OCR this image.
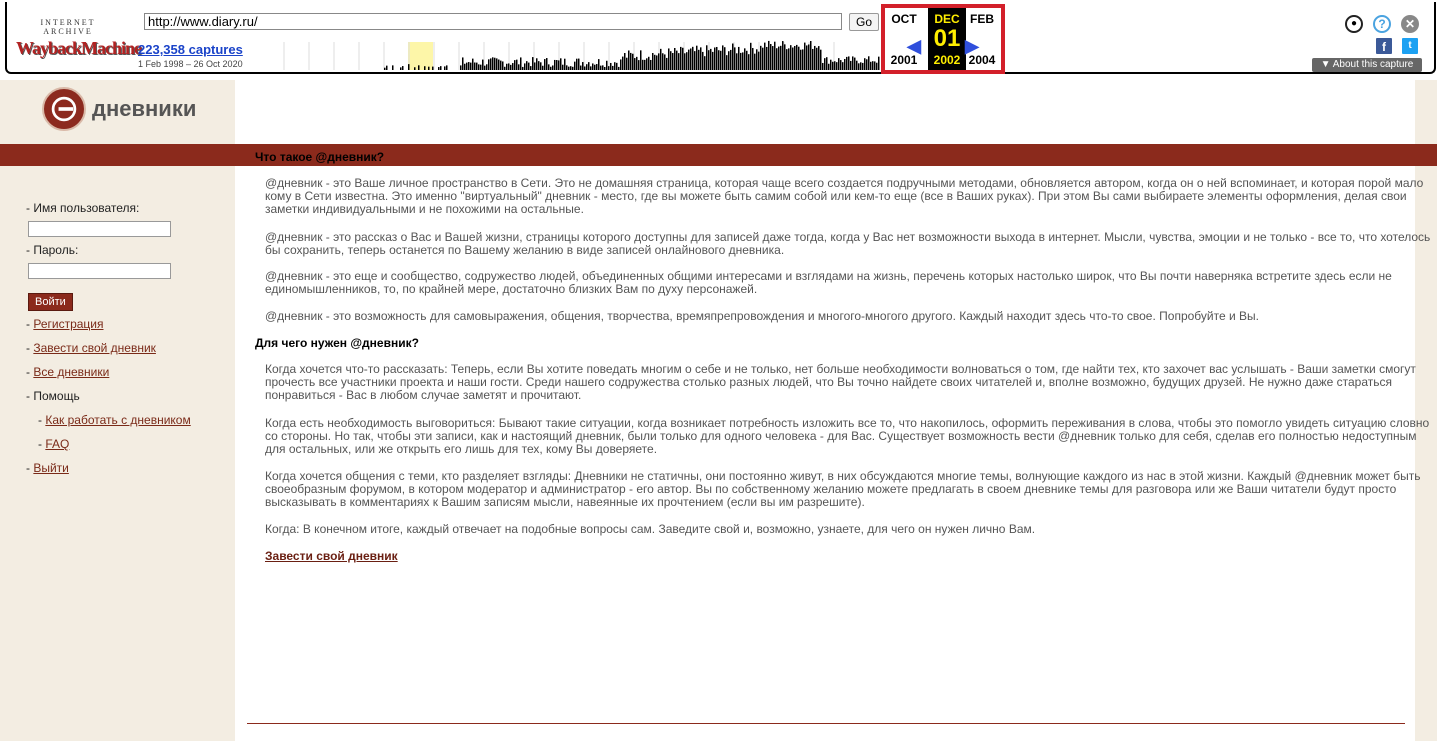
INTERNET ARCHIVE
WaybackMachine
http://www.diary.ru/	Go
223,358 captures
1 Feb 1998 – 26 Oct 2020
OCT
◀
2001
DEC
01
2002
FEB
▶
2004
●	?	✕
f	t
▼ About this capture
дневники
- Имя пользователя:
- Пароль:
Войти
- Регистрация
- Завести свой дневник
- Все дневники
- Помощь
- Как работать с дневником
- FAQ
- Выйти
Что такое @дневник?
@дневник - это Ваше личное пространство в Сети. Это не домашняя страница, которая чаще всего создается подручными методами, обновляется автором, когда он о ней вспоминает, и которая порой мало кому в Сети известна. Это именно "виртуальный" дневник - место, где вы можете быть самим собой или кем-то еще (все в Ваших руках). При этом Вы сами выбираете элементы оформления, делая свои заметки индивидуальными и не похожими на остальные.
@дневник - это рассказ о Вас и Вашей жизни, страницы которого доступны для записей даже тогда, когда у Вас нет возможности выхода в интернет. Мысли, чувства, эмоции и не только - все то, что хотелось бы сохранить, теперь останется по Вашему желанию в виде записей онлайнового дневника.
@дневник - это еще и сообщество, содружество людей, объединенных общими интересами и взглядами на жизнь, перечень которых настолько широк, что Вы почти наверняка встретите здесь если не единомышленников, то, по крайней мере, достаточно близких Вам по духу персонажей.
@дневник - это возможность для самовыражения, общения, творчества, времяпрепровождения и многого-многого другого. Каждый находит здесь что-то свое. Попробуйте и Вы.
Для чего нужен @дневник?
Когда хочется что-то рассказать: Теперь, если Вы хотите поведать многим о себе и не только, нет больше необходимости волноваться о том, где найти тех, кто захочет вас услышать - Ваши заметки смогут прочесть все участники проекта и наши гости. Среди нашего содружества столько разных людей, что Вы точно найдете своих читателей и, вполне возможно, будущих друзей. Не нужно даже стараться понравиться - Вас в любом случае заметят и прочитают.
Когда есть необходимость выговориться: Бывают такие ситуации, когда возникает потребность изложить все то, что накопилось, оформить переживания в слова, чтобы это помогло увидеть ситуацию словно со стороны. Но так, чтобы эти записи, как и настоящий дневник, были только для одного человека - для Вас. Существует возможность вести @дневник только для себя, сделав его полностью недоступным для остальных, или же открыть его лишь для тех, кому Вы доверяете.
Когда хочется общения с теми, кто разделяет взгляды: Дневники не статичны, они постоянно живут, в них обсуждаются многие темы, волнующие каждого из нас в этой жизни. Каждый @дневник может быть своеобразным форумом, в котором модератор и администратор - его автор. Вы по собственному желанию можете предлагать в своем дневнике темы для разговора или же Ваши читатели будут просто высказывать в комментариях к Вашим записям мысли, навеянные их прочтением (если вы им разрешите).
Когда: В конечном итоге, каждый отвечает на подобные вопросы сам. Заведите свой и, возможно, узнаете, для чего он нужен лично Вам.
Завести свой дневник
